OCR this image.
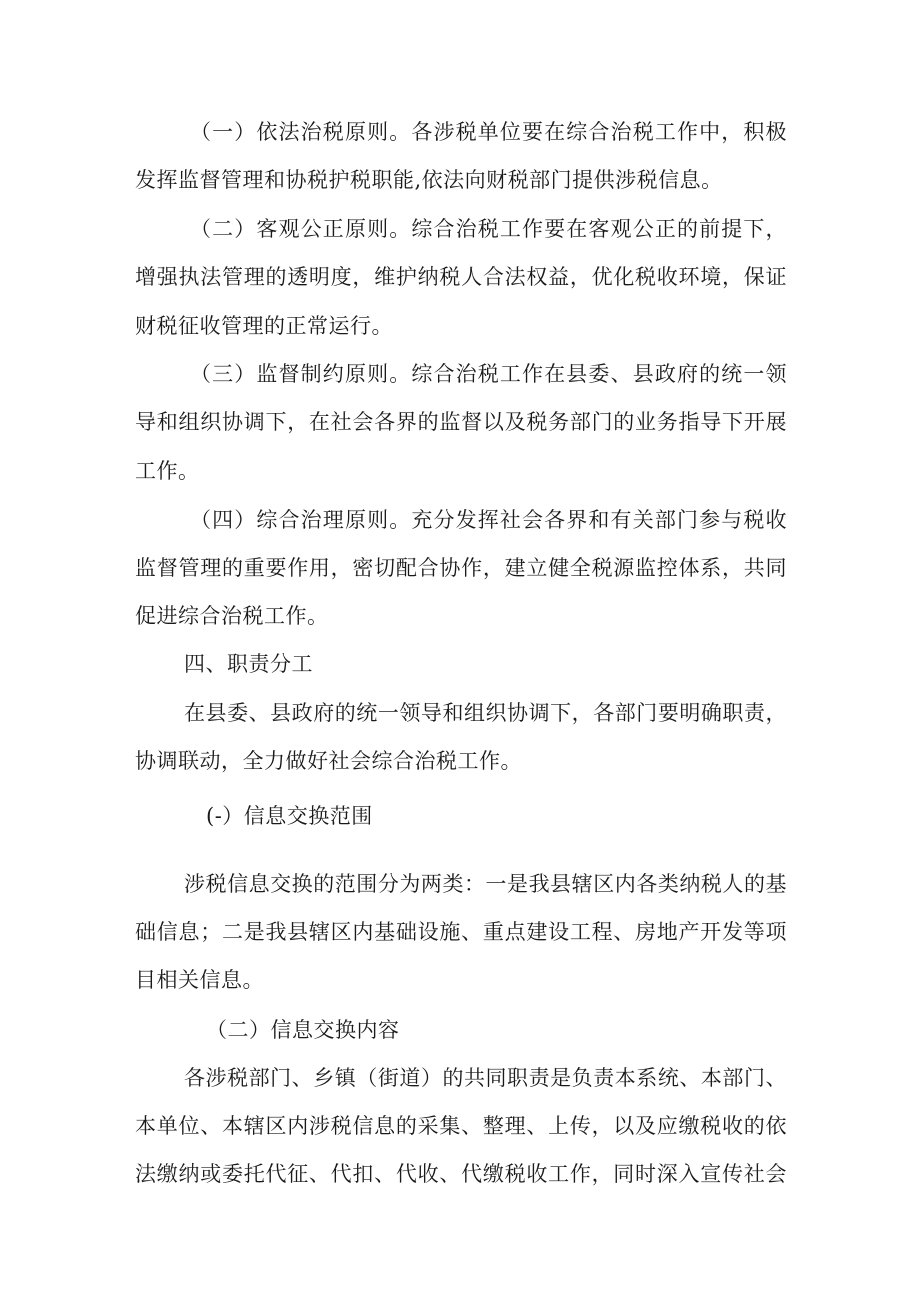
（一）依法治税原则。各涉税单位要在综合治税工作中，积极
发挥监督管理和协税护税职能,依法向财税部门提供涉税信息。
（二）客观公正原则。综合治税工作要在客观公正的前提下，
增强执法管理的透明度，维护纳税人合法权益，优化税收环境，保证
财税征收管理的正常运行。
（三）监督制约原则。综合治税工作在县委、县政府的统一领
导和组织协调下，在社会各界的监督以及税务部门的业务指导下开展
工作。
（四）综合治理原则。充分发挥社会各界和有关部门参与税收
监督管理的重要作用，密切配合协作，建立健全税源监控体系，共同
促进综合治税工作。
四、职责分工
在县委、县政府的统一领导和组织协调下，各部门要明确职责，
协调联动，全力做好社会综合治税工作。
(-）信息交换范围
涉税信息交换的范围分为两类：一是我县辖区内各类纳税人的基
础信息；二是我县辖区内基础设施、重点建设工程、房地产开发等项
目相关信息。
（二）信息交换内容
各涉税部门、乡镇（街道）的共同职责是负责本系统、本部门、
本单位、本辖区内涉税信息的采集、整理、上传，以及应缴税收的依
法缴纳或委托代征、代扣、代收、代缴税收工作，同时深入宣传社会
